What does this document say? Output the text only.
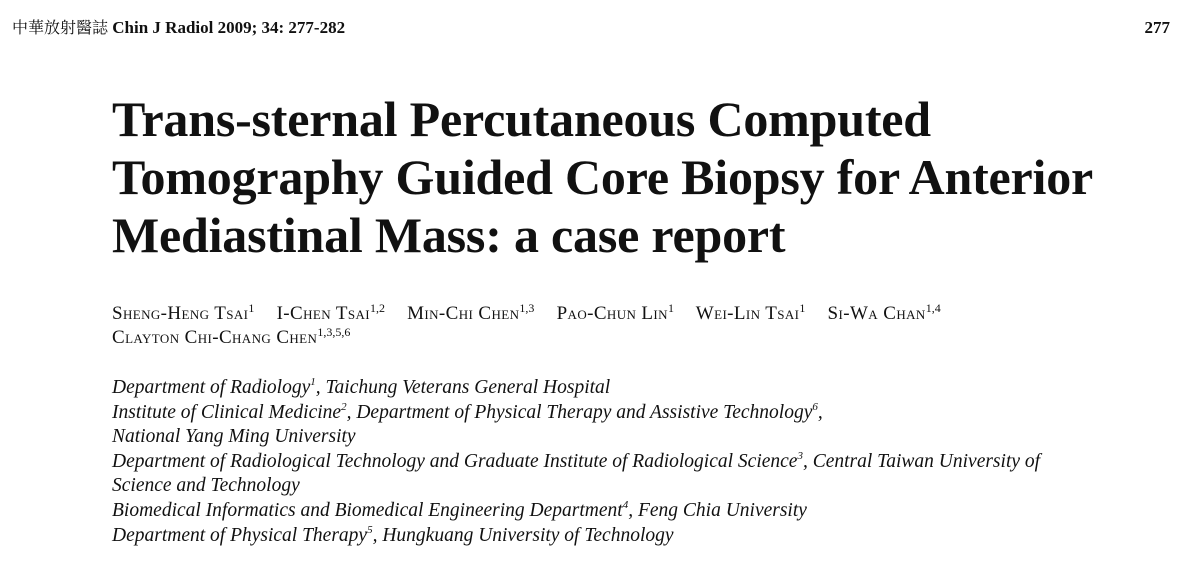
中華放射醫誌 Chin J Radiol 2009; 34: 277-282	277
Trans-sternal Percutaneous Computed
Tomography Guided Core Biopsy for Anterior
Mediastinal Mass: a case report
Sheng-Heng Tsai$^1$ I-Chen Tsai$^{1,2}$ Min-Chi Chen$^{1,3}$ Pao-Chun Lin$^1$ Wei-Lin Tsai$^1$ Si-Wa Chan$^{1,4}$
Clayton Chi-Chang Chen$^{1,3,5,6}$
Department of Radiology$^1$, Taichung Veterans General Hospital
Institute of Clinical Medicine$^2$, Department of Physical Therapy and Assistive Technology$^6$,
National Yang Ming University
Department of Radiological Technology and Graduate Institute of Radiological Science$^3$, Central Taiwan University of
Science and Technology
Biomedical Informatics and Biomedical Engineering Department$^4$, Feng Chia University
Department of Physical Therapy$^5$, Hungkuang University of Technology
